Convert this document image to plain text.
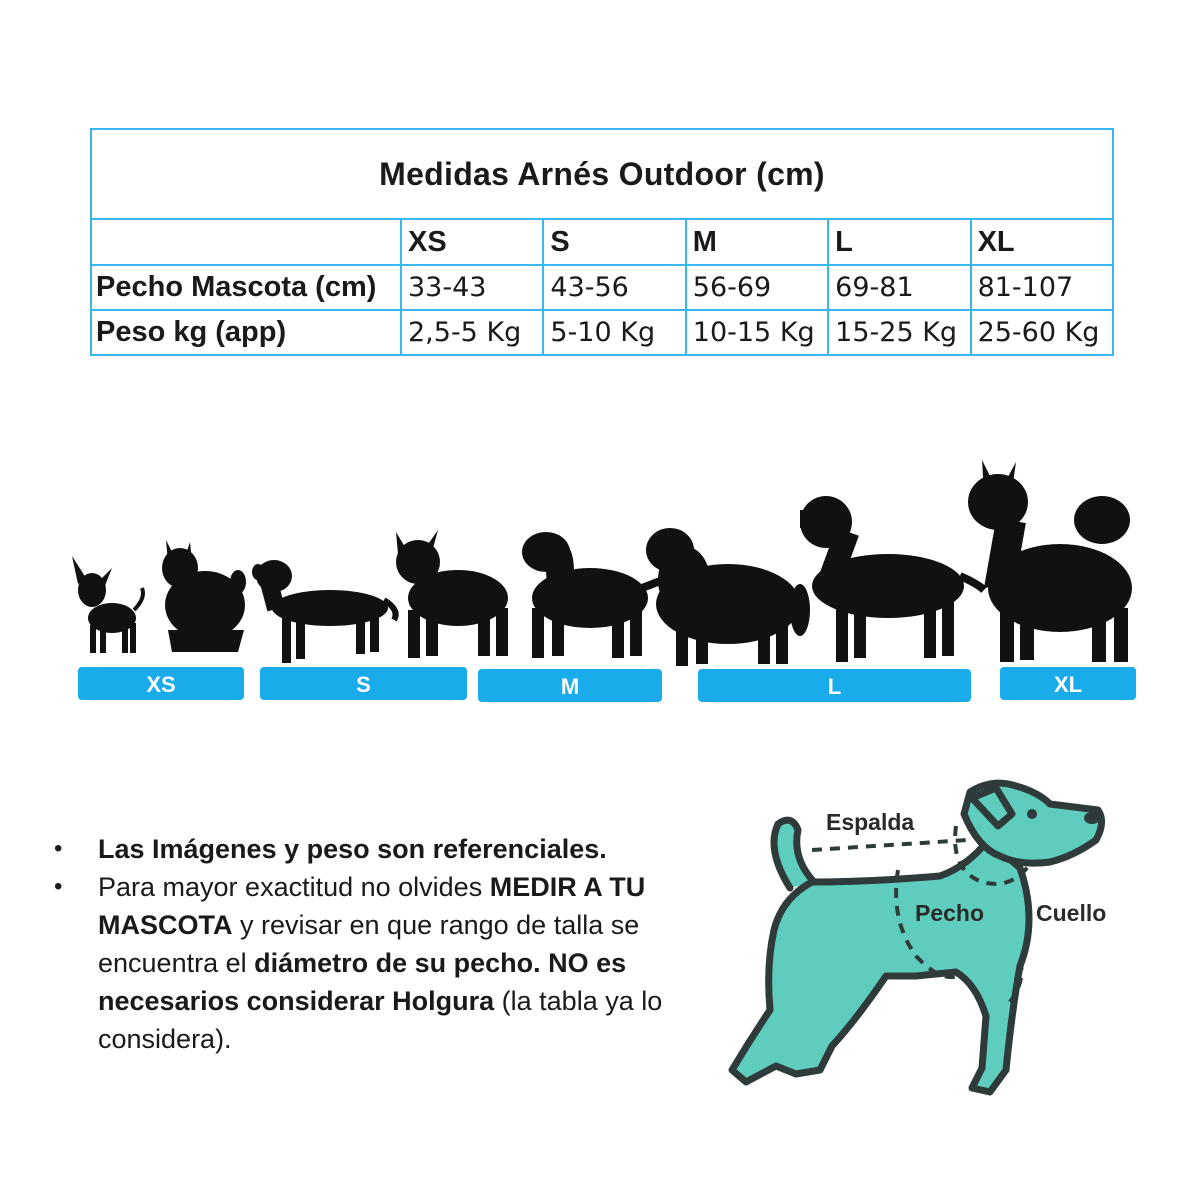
Medidas Arnés Outdoor (cm)					
	XS	S	M	L	XL
Pecho Mascota (cm)	33-43	43-56	56-69	69-81	81-107
Peso kg (app)	2,5-5 Kg	5-10 Kg	10-15 Kg	15-25 Kg	25-60 Kg
XS	S	M	L	XL
• Las Imágenes y peso son referenciales.
• Para mayor exactitud no olvides MEDIR A TU MASCOTA y revisar en que rango de talla se encuentra el diámetro de su pecho. NO es necesarios considerar Holgura (la tabla ya lo considera).
Espalda
Pecho Cuello
